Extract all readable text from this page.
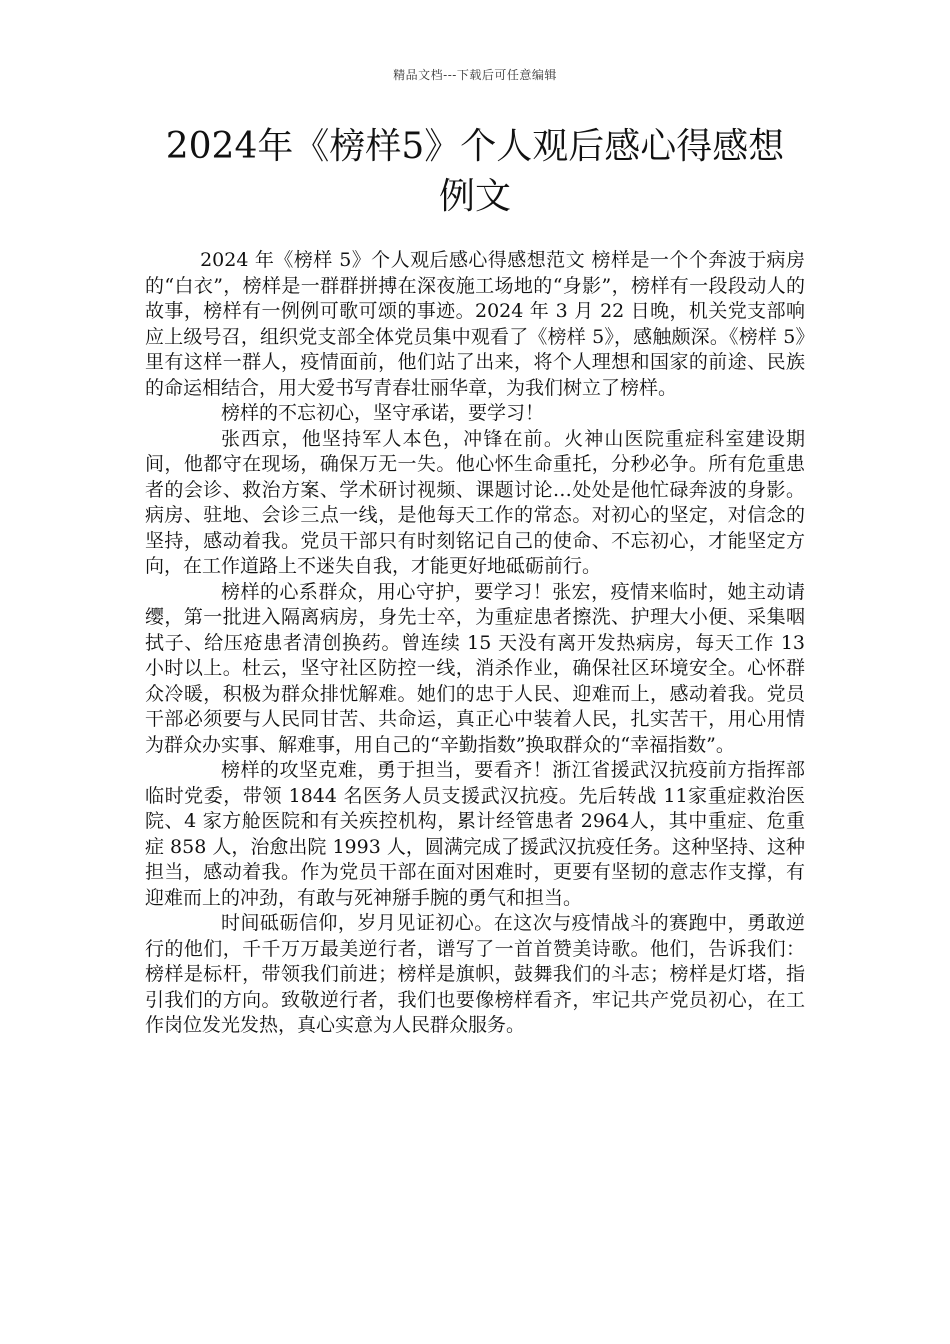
精品文档---下载后可任意编辑
2024年《榜样5》个人观后感心得感想例文

2024 年《榜样 5》个人观后感心得感想范文 榜样是一个个奔波于病房的“白衣”，榜样是一群群拼搏在深夜施工场地的“身影”，榜样有一段段动人的故事，榜样有一例例可歌可颂的事迹。2024 年 3 月 22 日晚，机关党支部响应上级号召，组织党支部全体党员集中观看了《榜样 5》，感触颇深。《榜样 5》里有这样一群人，疫情面前，他们站了出来，将个人理想和国家的前途、民族的命运相结合，用大爱书写青春壮丽华章，为我们树立了榜样。

榜样的不忘初心，坚守承诺，要学习！

张西京，他坚持军人本色，冲锋在前。火神山医院重症科室建设期间，他都守在现场，确保万无一失。他心怀生命重托，分秒必争。所有危重患者的会诊、救治方案、学术研讨视频、课题讨论…处处是他忙碌奔波的身影。病房、驻地、会诊三点一线，是他每天工作的常态。对初心的坚定，对信念的坚持，感动着我。党员干部只有时刻铭记自己的使命、不忘初心，才能坚定方向，在工作道路上不迷失自我，才能更好地砥砺前行。

榜样的心系群众，用心守护，要学习！张宏，疫情来临时，她主动请缨，第一批进入隔离病房，身先士卒，为重症患者擦洗、护理大小便、采集咽拭子、给压疮患者清创换药。曾连续 15 天没有离开发热病房，每天工作 13 小时以上。杜云，坚守社区防控一线，消杀作业，确保社区环境安全。心怀群众冷暖，积极为群众排忧解难。她们的忠于人民、迎难而上，感动着我。党员干部必须要与人民同甘苦、共命运，真正心中装着人民，扎实苦干，用心用情为群众办实事、解难事，用自己的“辛勤指数”换取群众的“幸福指数”。

榜样的攻坚克难，勇于担当，要看齐！浙江省援武汉抗疫前方指挥部临时党委，带领 1844 名医务人员支援武汉抗疫。先后转战 11家重症救治医院、4 家方舱医院和有关疾控机构，累计经管患者 2964人，其中重症、危重症 858 人，治愈出院 1993 人，圆满完成了援武汉抗疫任务。这种坚持、这种担当，感动着我。作为党员干部在面对困难时，更要有坚韧的意志作支撑，有迎难而上的冲劲，有敢与死神掰手腕的勇气和担当。

时间砥砺信仰，岁月见证初心。在这次与疫情战斗的赛跑中，勇敢逆行的他们，千千万万最美逆行者，谱写了一首首赞美诗歌。他们，告诉我们：榜样是标杆，带领我们前进；榜样是旗帜，鼓舞我们的斗志；榜样是灯塔，指引我们的方向。致敬逆行者，我们也要像榜样看齐，牢记共产党员初心，在工作岗位发光发热，真心实意为人民群众服务。
